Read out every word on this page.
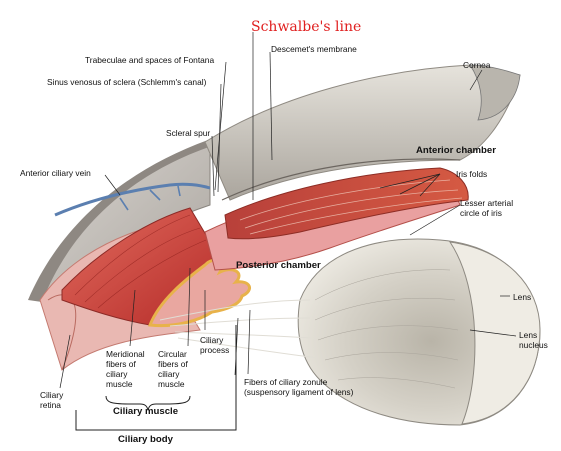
Schwalbe's line
Trabeculae and spaces of Fontana
Descemet's membrane
Sinus venosus of sclera (Schlemm's canal)
Scleral spur
Cornea
Anterior ciliary vein
Anterior chamber
Iris folds
Lesser arterial circle of iris
Posterior chamber
Lens
Lens nucleus
Ciliary process
Meridional fibers of ciliary muscle
Circular fibers of ciliary muscle	Fibers of ciliary zonule (suspensory ligament of lens)
Ciliary retina
Ciliary muscle
Ciliary body
